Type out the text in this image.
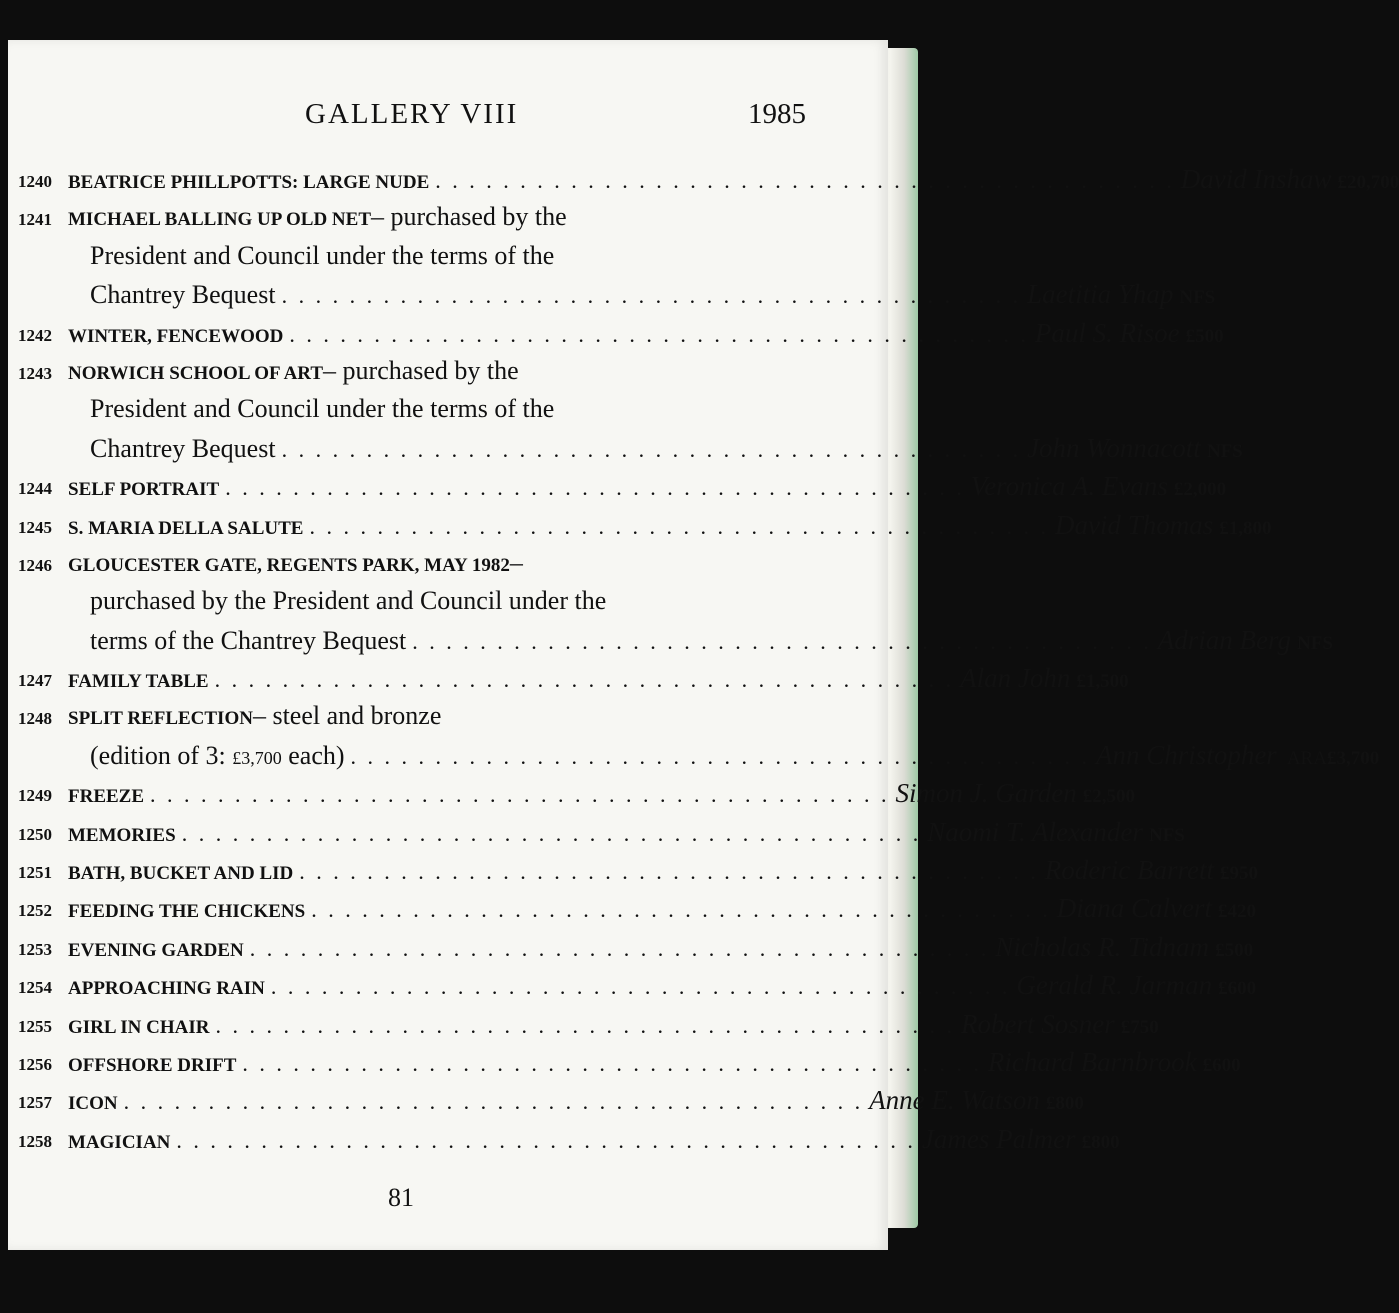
GALLERY VIII	1985
1240 BEATRICE PHILLPOTTS: LARGE NUDE . . . . . . . . . . . . . . . . . . . . . . . . . . . . . . . . . . . . . . . . . . . . David Inshaw £20,700
1241 MICHAEL BALLING UP OLD NET – purchased by the
President and Council under the terms of the
Chantrey Bequest . . . . . . . . . . . . . . . . . . . . . . . . . . . . . . . . . . . . . . . . . . . . Laetitia Yhap NFS
1242 WINTER, FENCEWOOD . . . . . . . . . . . . . . . . . . . . . . . . . . . . . . . . . . . . . . . . . . . . Paul S. Risoe £500
1243 NORWICH SCHOOL OF ART – purchased by the
President and Council under the terms of the
Chantrey Bequest . . . . . . . . . . . . . . . . . . . . . . . . . . . . . . . . . . . . . . . . . . . . John Wonnacott NFS
1244 SELF PORTRAIT . . . . . . . . . . . . . . . . . . . . . . . . . . . . . . . . . . . . . . . . . . . . Veronica A. Evans £2,000
1245 S. MARIA DELLA SALUTE . . . . . . . . . . . . . . . . . . . . . . . . . . . . . . . . . . . . . . . . . . . . David Thomas £1,800
1246 GLOUCESTER GATE, REGENTS PARK, MAY 1982 –
purchased by the President and Council under the
terms of the Chantrey Bequest . . . . . . . . . . . . . . . . . . . . . . . . . . . . . . . . . . . . . . . . . . . . Adrian Berg NFS
1247 FAMILY TABLE . . . . . . . . . . . . . . . . . . . . . . . . . . . . . . . . . . . . . . . . . . . . Alan John £1,500
1248 SPLIT REFLECTION – steel and bronze
(edition of 3: £3,700 each) . . . . . . . . . . . . . . . . . . . . . . . . . . . . . . . . . . . . . . . . . . . . Ann Christopher ARA £3,700
1249 FREEZE . . . . . . . . . . . . . . . . . . . . . . . . . . . . . . . . . . . . . . . . . . . . Simon J. Garden £2,500
1250 MEMORIES . . . . . . . . . . . . . . . . . . . . . . . . . . . . . . . . . . . . . . . . . . . . Naomi T. Alexander NFS
1251 BATH, BUCKET AND LID . . . . . . . . . . . . . . . . . . . . . . . . . . . . . . . . . . . . . . . . . . . . Roderic Barrett £950
1252 FEEDING THE CHICKENS . . . . . . . . . . . . . . . . . . . . . . . . . . . . . . . . . . . . . . . . . . . . Diana Calvert £420
1253 EVENING GARDEN . . . . . . . . . . . . . . . . . . . . . . . . . . . . . . . . . . . . . . . . . . . . Nicholas R. Tidnam £500
1254 APPROACHING RAIN . . . . . . . . . . . . . . . . . . . . . . . . . . . . . . . . . . . . . . . . . . . . Gerald R. Jarman £600
1255 GIRL IN CHAIR . . . . . . . . . . . . . . . . . . . . . . . . . . . . . . . . . . . . . . . . . . . . Robert Sosner £750
1256 OFFSHORE DRIFT . . . . . . . . . . . . . . . . . . . . . . . . . . . . . . . . . . . . . . . . . . . . Richard Barnbrook £600
1257 ICON . . . . . . . . . . . . . . . . . . . . . . . . . . . . . . . . . . . . . . . . . . . . Anne E. Watson £800
1258 MAGICIAN . . . . . . . . . . . . . . . . . . . . . . . . . . . . . . . . . . . . . . . . . . . . James Palmer £800
81
